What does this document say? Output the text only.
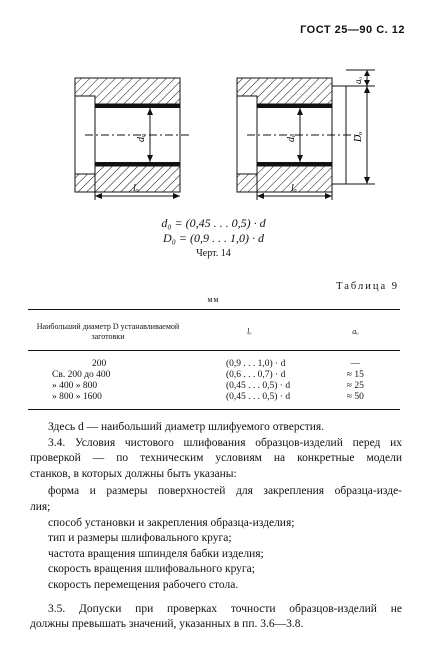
ГОСТ 25—90 С. 12
dₒ
lₒ
dₒ
aₒ
Dₒ
lₒ
d₀ = (0,45 . . . 0,5) · d
D₀ = (0,9 . . . 1,0) · d
Черт. 14
Таблица 9
мм
Наибольший диаметр D устанавливаемой заготовки	lₒ	aₒ
200	(0,9 . . . 1,0) · d	—
Св. 200 до 400	(0,6 . . . 0,7) · d	≈ 15
» 400 » 800	(0,45 . . . 0,5) · d	≈ 25
» 800 » 1600	(0,45 . . . 0,5) · d	≈ 50

Здесь d — наибольший диаметр шлифуемого отверстия.

3.4. Условия чистового шлифования образцов-изделий перед их

проверкой — по техническим условиям на конкретные модели

станков, в которых должны быть указаны:

форма и размеры поверхностей для закрепления образца-изде-

лия;

способ установки и закрепления образца-изделия;

тип и размеры шлифовального круга;

частота вращения шпинделя бабки изделия;

скорость вращения шлифовального круга;

скорость перемещения рабочего стола.

3.5. Допуски при проверках точности образцов-изделий не

должны превышать значений, указанных в пп. 3.6—3.8.
